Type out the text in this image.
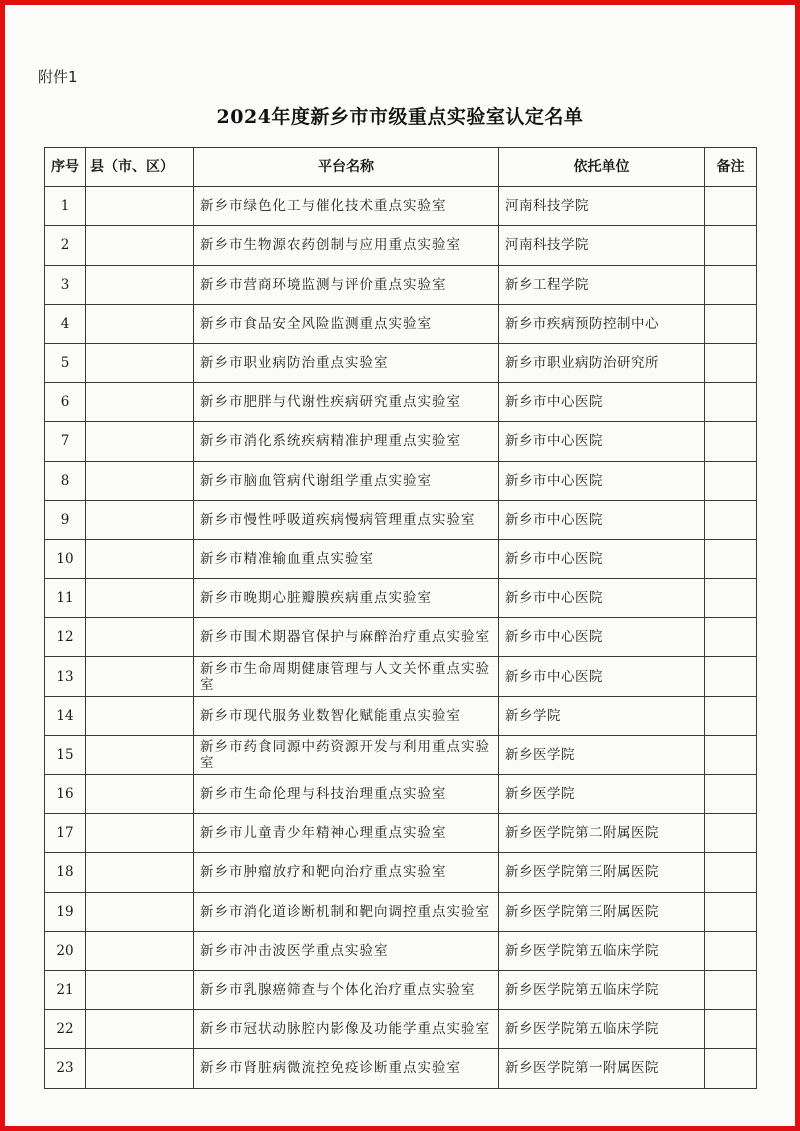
附件1
2024年度新乡市市级重点实验室认定名单
序号	县（市、区）	平台名称	依托单位	备注
1		新乡市绿色化工与催化技术重点实验室	河南科技学院	
2		新乡市生物源农药创制与应用重点实验室	河南科技学院	
3		新乡市营商环境监测与评价重点实验室	新乡工程学院	
4		新乡市食品安全风险监测重点实验室	新乡市疾病预防控制中心	
5		新乡市职业病防治重点实验室	新乡市职业病防治研究所	
6		新乡市肥胖与代谢性疾病研究重点实验室	新乡市中心医院	
7		新乡市消化系统疾病精准护理重点实验室	新乡市中心医院	
8		新乡市脑血管病代谢组学重点实验室	新乡市中心医院	
9		新乡市慢性呼吸道疾病慢病管理重点实验室	新乡市中心医院	
10		新乡市精准输血重点实验室	新乡市中心医院	
11		新乡市晚期心脏瓣膜疾病重点实验室	新乡市中心医院	
12		新乡市围术期器官保护与麻醉治疗重点实验室	新乡市中心医院	
13		新乡市生命周期健康管理与人文关怀重点实验室	新乡市中心医院	
14		新乡市现代服务业数智化赋能重点实验室	新乡学院	
15		新乡市药食同源中药资源开发与利用重点实验室	新乡医学院	
16		新乡市生命伦理与科技治理重点实验室	新乡医学院	
17		新乡市儿童青少年精神心理重点实验室	新乡医学院第二附属医院	
18		新乡市肿瘤放疗和靶向治疗重点实验室	新乡医学院第三附属医院	
19		新乡市消化道诊断机制和靶向调控重点实验室	新乡医学院第三附属医院	
20		新乡市冲击波医学重点实验室	新乡医学院第五临床学院	
21		新乡市乳腺癌筛查与个体化治疗重点实验室	新乡医学院第五临床学院	
22		新乡市冠状动脉腔内影像及功能学重点实验室	新乡医学院第五临床学院	
23		新乡市肾脏病微流控免疫诊断重点实验室	新乡医学院第一附属医院	
